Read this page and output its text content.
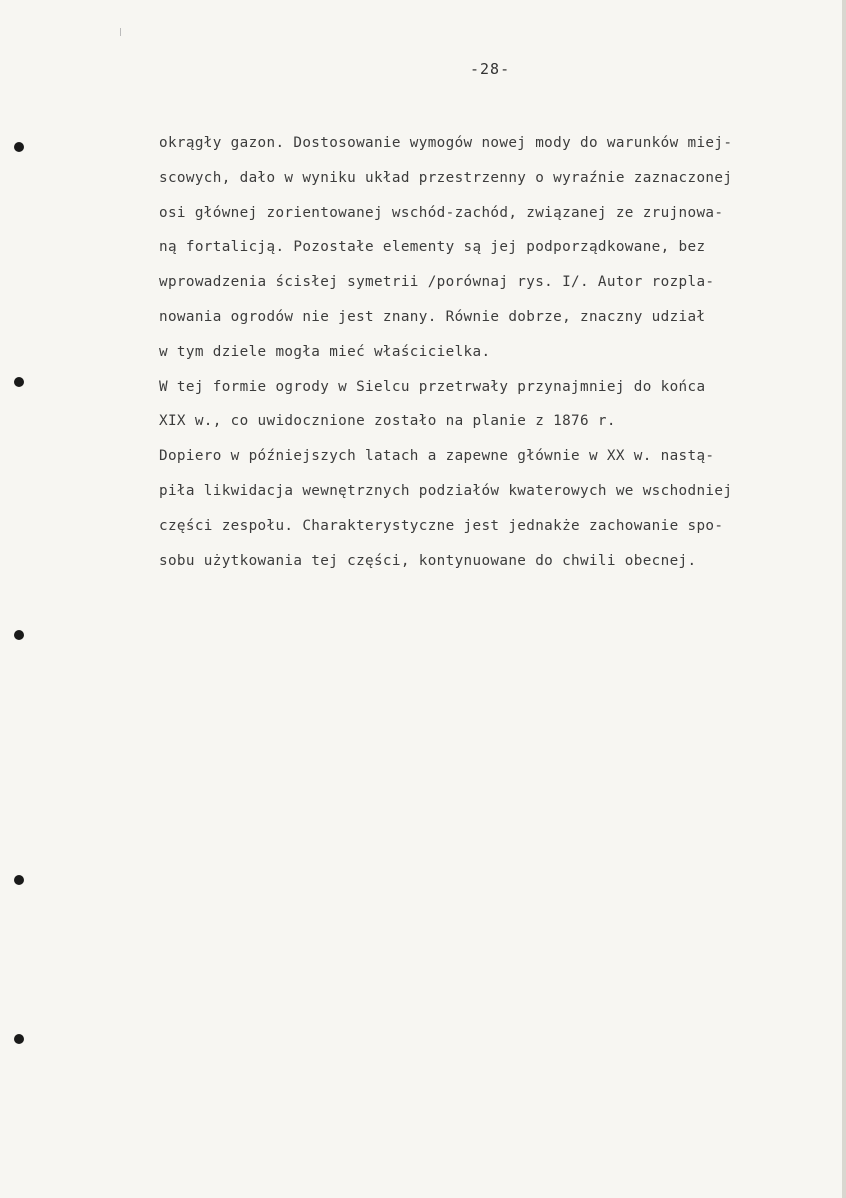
-28-
okrągły gazon. Dostosowanie wymogów nowej mody do warunków miej-
scowych, dało w wyniku układ przestrzenny o wyraźnie zaznaczonej
osi głównej zorientowanej wschód-zachód, związanej ze zrujnowa-
ną fortalicją. Pozostałe elementy są jej podporządkowane, bez
wprowadzenia ścisłej symetrii /porównaj rys. I/. Autor rozpla-
nowania ogrodów nie jest znany. Równie dobrze, znaczny udział
w tym dziele mogła mieć właścicielka.
W tej formie ogrody w Sielcu przetrwały przynajmniej do końca
XIX w., co uwidocznione zostało na planie z 1876 r.
Dopiero w późniejszych latach a zapewne głównie w XX w. nastą-
piła likwidacja wewnętrznych podziałów kwaterowych we wschodniej
części zespołu. Charakterystyczne jest jednakże zachowanie spo-
sobu użytkowania tej części, kontynuowane do chwili obecnej.
